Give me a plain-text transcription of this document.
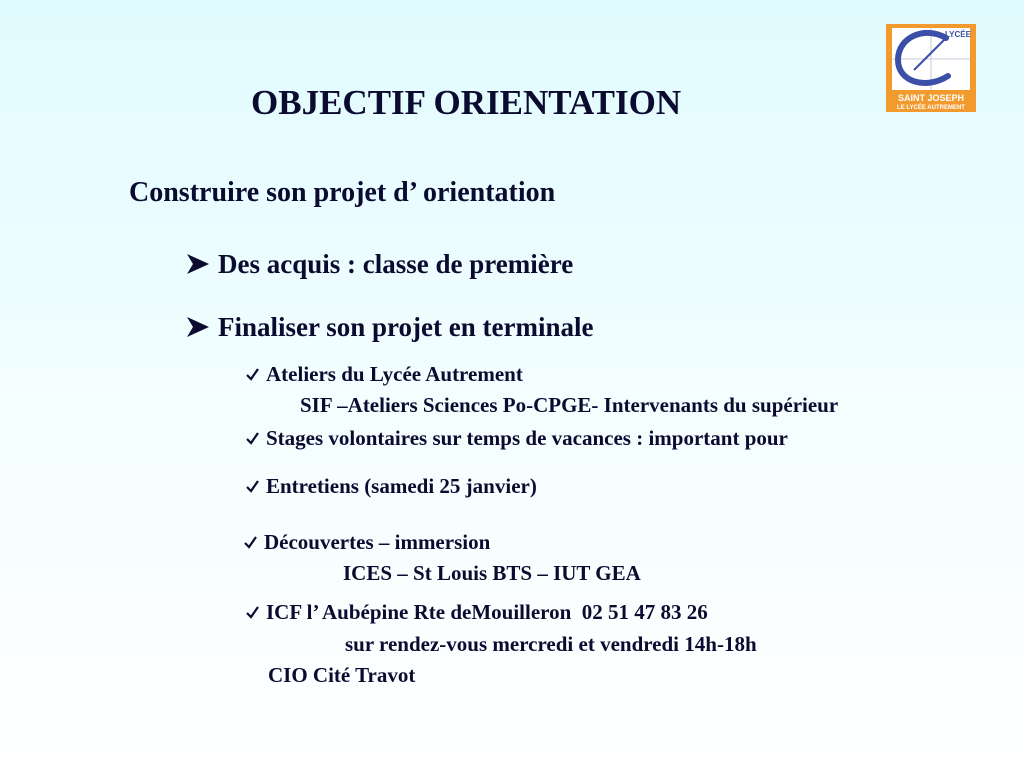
LYCÉE
SAINT JOSEPH
LE LYCÉE AUTREMENT
OBJECTIF ORIENTATION
Construire son projet d’ orientation
Des acquis : classe de première
Finaliser son projet en terminale
Ateliers du Lycée Autrement
SIF –Ateliers Sciences Po-CPGE- Intervenants du supérieur
Stages volontaires sur temps de vacances : important pour
Entretiens (samedi 25 janvier)
Découvertes – immersion
ICES – St Louis BTS – IUT GEA
ICF l’ Aubépine Rte deMouilleron  02 51 47 83 26
sur rendez-vous mercredi et vendredi 14h-18h
CIO Cité Travot
